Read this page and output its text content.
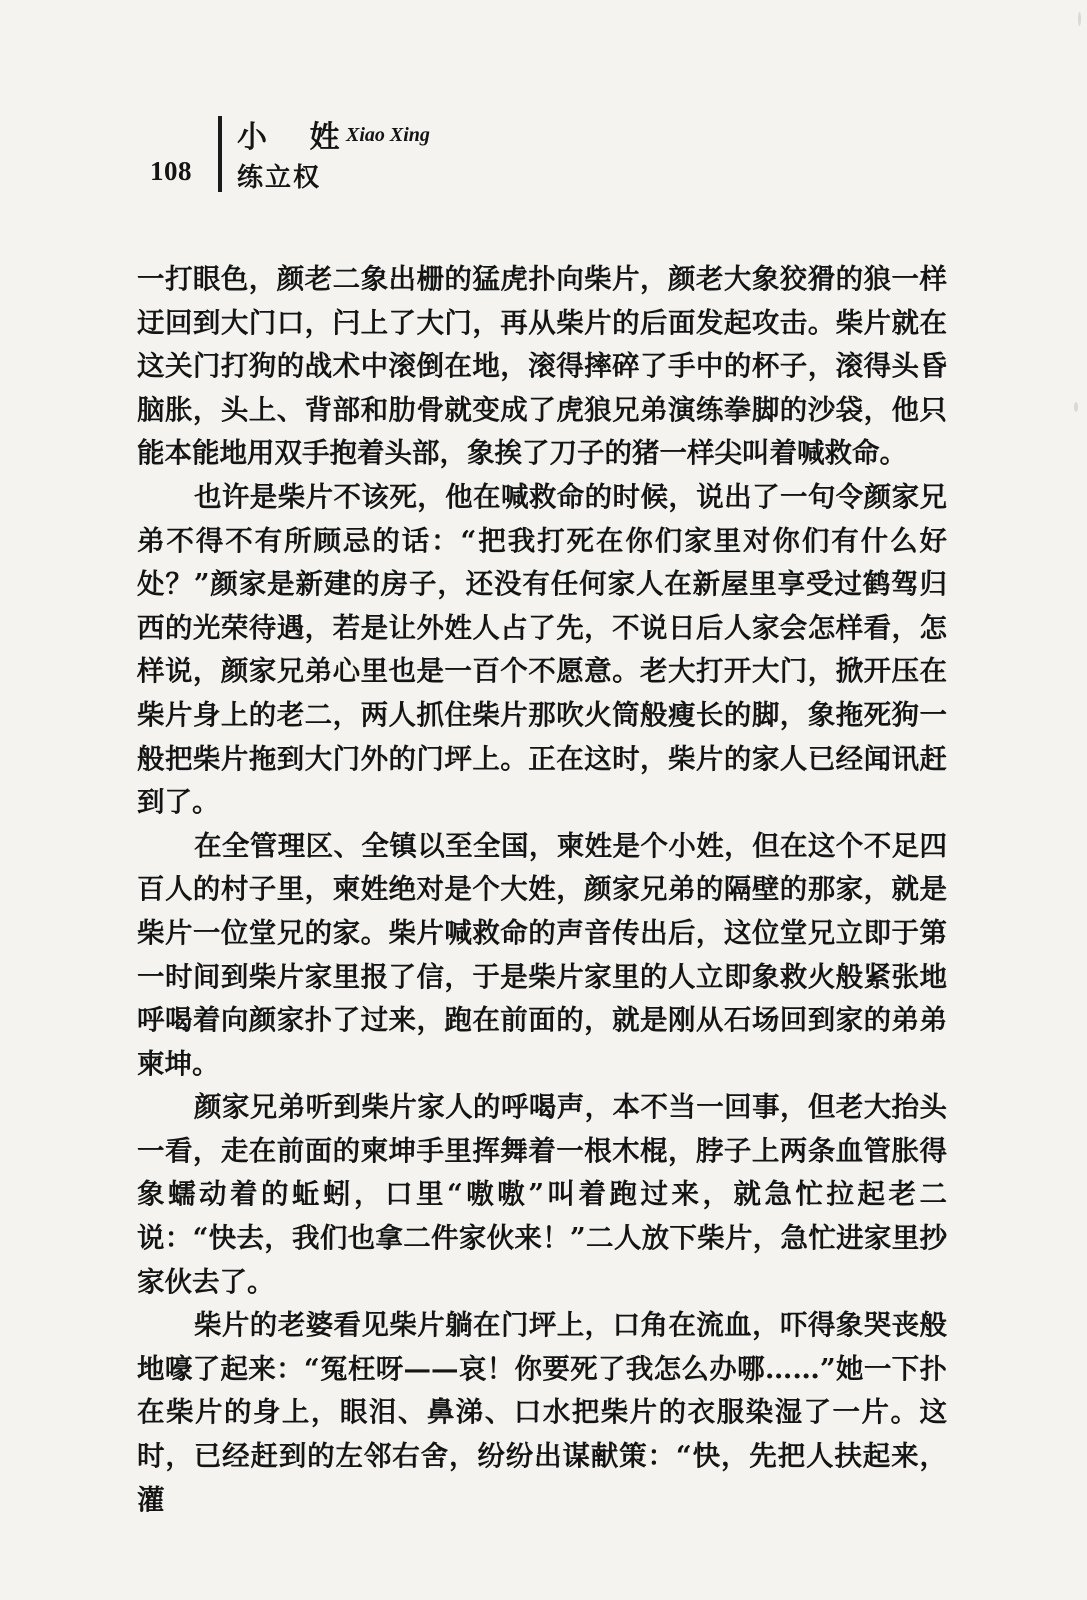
108
小 姓
Xiao Xing
练立权

一打眼色，颜老二象出栅的猛虎扑向柴片，颜老大象狡猾的狼一样迂回到大门口，闩上了大门，再从柴片的后面发起攻击。柴片就在这关门打狗的战术中滚倒在地，滚得摔碎了手中的杯子，滚得头昏脑胀，头上、背部和肋骨就变成了虎狼兄弟演练拳脚的沙袋，他只能本能地用双手抱着头部，象挨了刀子的猪一样尖叫着喊救命。

也许是柴片不该死，他在喊救命的时候，说出了一句令颜家兄弟不得不有所顾忌的话：“把我打死在你们家里对你们有什么好处？”颜家是新建的房子，还没有任何家人在新屋里享受过鹤驾归西的光荣待遇，若是让外姓人占了先，不说日后人家会怎样看，怎样说，颜家兄弟心里也是一百个不愿意。老大打开大门，掀开压在柴片身上的老二，两人抓住柴片那吹火筒般瘦长的脚，象拖死狗一般把柴片拖到大门外的门坪上。正在这时，柴片的家人已经闻讯赶到了。

在全管理区、全镇以至全国，柬姓是个小姓，但在这个不足四百人的村子里，柬姓绝对是个大姓，颜家兄弟的隔壁的那家，就是柴片一位堂兄的家。柴片喊救命的声音传出后，这位堂兄立即于第一时间到柴片家里报了信，于是柴片家里的人立即象救火般紧张地呼喝着向颜家扑了过来，跑在前面的，就是刚从石场回到家的弟弟柬坤。

颜家兄弟听到柴片家人的呼喝声，本不当一回事，但老大抬头一看，走在前面的柬坤手里挥舞着一根木棍，脖子上两条血管胀得象蠕动着的蚯蚓，口里“嗷嗷”叫着跑过来，就急忙拉起老二说：“快去，我们也拿二件家伙来！”二人放下柴片，急忙进家里抄家伙去了。

柴片的老婆看见柴片躺在门坪上，口角在流血，吓得象哭丧般地嚎了起来：“冤枉呀——哀！你要死了我怎么办哪……”她一下扑在柴片的身上，眼泪、鼻涕、口水把柴片的衣服染湿了一片。这时，已经赶到的左邻右舍，纷纷出谋献策：“快，先把人扶起来，灌
